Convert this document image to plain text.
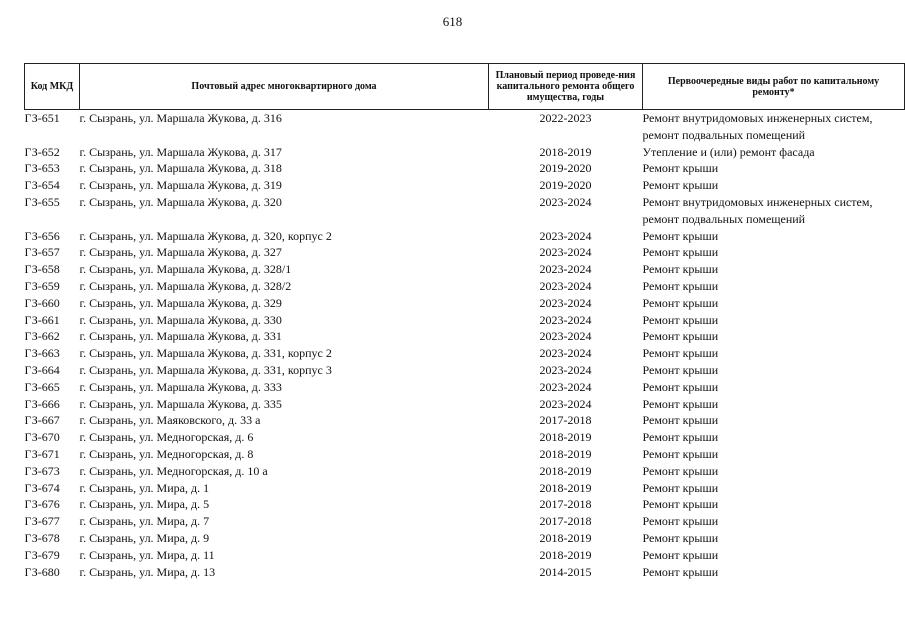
618
Код МКД	Почтовый адрес многоквартирного дома	Плановый период проведе-ния капитального ремонта общего имущества, годы	Первоочередные виды работ по капитальному ремонту*
ГЗ-651	г. Сызрань, ул. Маршала Жукова, д. 316	2022-2023	Ремонт внутридомовых инженерных систем,
ремонт подвальных помещений

ГЗ-652	г. Сызрань, ул. Маршала Жукова, д. 317	2018-2019	Утепление и (или) ремонт фасада

ГЗ-653	г. Сызрань, ул. Маршала Жукова, д. 318	2019-2020	Ремонт крыши

ГЗ-654	г. Сызрань, ул. Маршала Жукова, д. 319	2019-2020	Ремонт крыши

ГЗ-655	г. Сызрань, ул. Маршала Жукова, д. 320	2023-2024	Ремонт внутридомовых инженерных систем,
ремонт подвальных помещений

ГЗ-656	г. Сызрань, ул. Маршала Жукова, д. 320, корпус 2	2023-2024	Ремонт крыши

ГЗ-657	г. Сызрань, ул. Маршала Жукова, д. 327	2023-2024	Ремонт крыши

ГЗ-658	г. Сызрань, ул. Маршала Жукова, д. 328/1	2023-2024	Ремонт крыши

ГЗ-659	г. Сызрань, ул. Маршала Жукова, д. 328/2	2023-2024	Ремонт крыши

ГЗ-660	г. Сызрань, ул. Маршала Жукова, д. 329	2023-2024	Ремонт крыши

ГЗ-661	г. Сызрань, ул. Маршала Жукова, д. 330	2023-2024	Ремонт крыши

ГЗ-662	г. Сызрань, ул. Маршала Жукова, д. 331	2023-2024	Ремонт крыши

ГЗ-663	г. Сызрань, ул. Маршала Жукова, д. 331, корпус 2	2023-2024	Ремонт крыши

ГЗ-664	г. Сызрань, ул. Маршала Жукова, д. 331, корпус 3	2023-2024	Ремонт крыши

ГЗ-665	г. Сызрань, ул. Маршала Жукова, д. 333	2023-2024	Ремонт крыши

ГЗ-666	г. Сызрань, ул. Маршала Жукова, д. 335	2023-2024	Ремонт крыши

ГЗ-667	г. Сызрань, ул. Маяковского, д. 33 а	2017-2018	Ремонт крыши

ГЗ-670	г. Сызрань, ул. Медногорская, д. 6	2018-2019	Ремонт крыши

ГЗ-671	г. Сызрань, ул. Медногорская, д. 8	2018-2019	Ремонт крыши

ГЗ-673	г. Сызрань, ул. Медногорская, д. 10 а	2018-2019	Ремонт крыши

ГЗ-674	г. Сызрань, ул. Мира, д. 1	2018-2019	Ремонт крыши

ГЗ-676	г. Сызрань, ул. Мира, д. 5	2017-2018	Ремонт крыши

ГЗ-677	г. Сызрань, ул. Мира, д. 7	2017-2018	Ремонт крыши

ГЗ-678	г. Сызрань, ул. Мира, д. 9	2018-2019	Ремонт крыши

ГЗ-679	г. Сызрань, ул. Мира, д. 11	2018-2019	Ремонт крыши

ГЗ-680	г. Сызрань, ул. Мира, д. 13	2014-2015	Ремонт крыши
